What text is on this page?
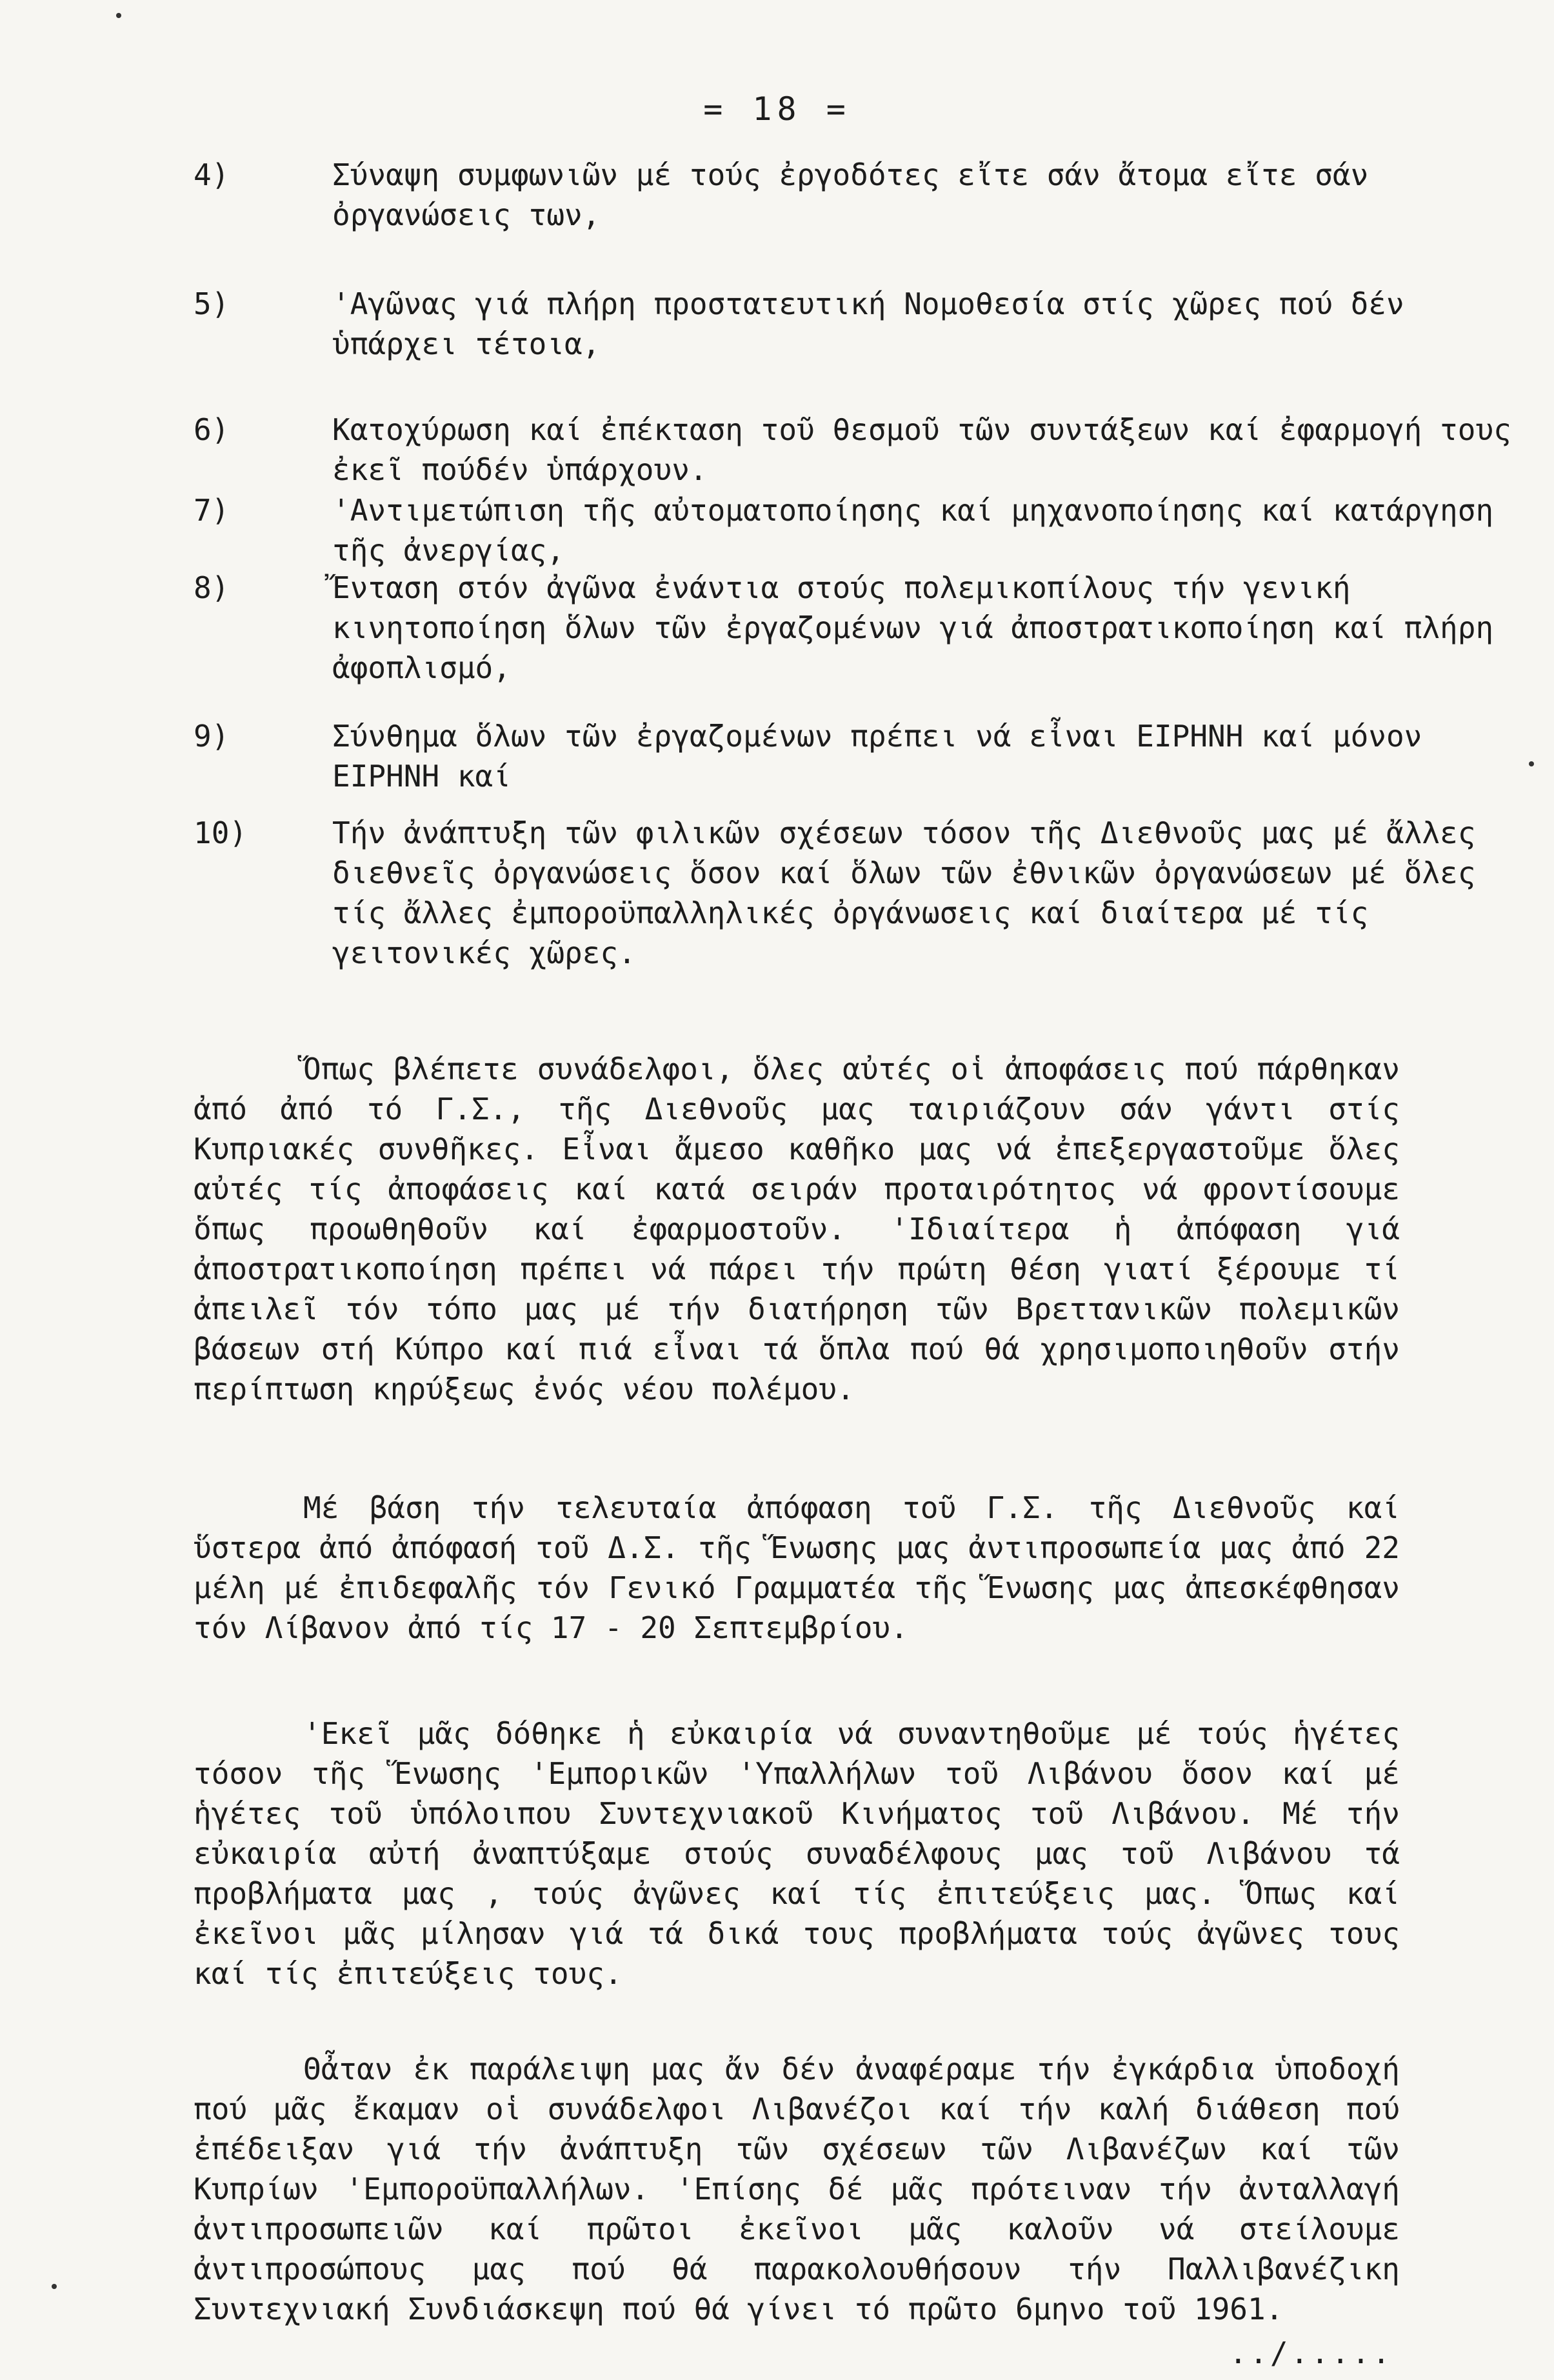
= 18 =
4)	Σύναψη συμφωνιῶν μέ τούς ἐργοδότες εἴτε σάν ἄτομα εἴτε σάν ὀργανώσεις των,
5)	'Αγῶνας γιά πλήρη προστατευτική Νομοθεσία στίς χῶρες πού δέν ὑπάρχει τέτοια,
6)	Κατοχύρωση καί ἐπέκταση τοῦ θεσμοῦ τῶν συντάξεων καί ἐφαρμογή τους ἐκεῖ πούδέν ὑπάρχουν.
7)	'Αντιμετώπιση τῆς αὐτοματοποίησης καί μηχανοποίησης καί κατάργηση τῆς ἀνεργίας,
8)	Ἔνταση στόν ἀγῶνα ἐνάντια στούς πολεμικοπίλους τήν γενική κινητοποίηση ὅλων τῶν ἐργαζομένων γιά ἀποστρατικοποίηση καί πλήρη ἀφοπλισμό,
9)	Σύνθημα ὅλων τῶν ἐργαζομένων πρέπει νά εἶναι ΕΙΡΗΝΗ καί μόνον ΕΙΡΗΝΗ καί
10)	Τήν ἀνάπτυξη τῶν φιλικῶν σχέσεων τόσον τῆς Διεθνοῦς μας μέ ἄλλες διεθνεῖς ὀργανώσεις ὅσον καί ὅλων τῶν ἐθνικῶν ὀργανώσεων μέ ὅλες τίς ἄλλες ἐμποροϋπαλληλικές ὀργάνωσεις καί διαίτερα μέ τίς γειτονικές χῶρες.

Ὅπως βλέπετε συνάδελφοι, ὅλες αὐτές οἱ ἀποφάσεις πού πάρθηκαν ἀπό ἀπό τό Γ.Σ., τῆς Διεθνοῦς μας ταιριάζουν σάν γάντι στίς Κυπριακές συνθῆκες. Εἶναι ἄμεσο καθῆκο μας νά ἐπεξεργαστοῦμε ὅλες αὐτές τίς ἀποφάσεις καί κατά σειράν προταιρότητος νά φροντίσουμε ὅπως προωθηθοῦν καί ἐφαρμοστοῦν. 'Ιδιαίτερα ἡ ἀπόφαση γιά ἀποστρατικοποίηση πρέπει νά πάρει τήν πρώτη θέση γιατί ξέρουμε τί ἀπειλεῖ τόν τόπο μας μέ τήν διατήρηση τῶν Βρεττανικῶν πολεμικῶν βάσεων στή Κύπρο καί πιά εἶναι τά ὅπλα πού θά χρησιμοποιηθοῦν στήν περίπτωση κηρύξεως ἐνός νέου πολέμου.

Μέ βάση τήν τελευταία ἀπόφαση τοῦ Γ.Σ. τῆς Διεθνοῦς καί ὕστερα ἀπό ἀπόφασή τοῦ Δ.Σ. τῆς Ἕνωσης μας ἀντιπροσωπεία μας ἀπό 22 μέλη μέ ἐπιδεφαλῆς τόν Γενικό Γραμματέα τῆς Ἕνωσης μας ἀπεσκέφθησαν τόν Λίβανον ἀπό τίς 17 - 20 Σεπτεμβρίου.

'Εκεῖ μᾶς δόθηκε ἡ εὐκαιρία νά συναντηθοῦμε μέ τούς ἡγέτες τόσον τῆς Ἕνωσης 'Εμπορικῶν 'Υπαλλήλων τοῦ Λιβάνου ὅσον καί μέ ἡγέτες τοῦ ὑπόλοιπου Συντεχνιακοῦ Κινήματος τοῦ Λιβάνου. Μέ τήν εὐκαιρία αὐτή ἀναπτύξαμε στούς συναδέλφους μας τοῦ Λιβάνου τά προβλήματα μας , τούς ἀγῶνες καί τίς ἐπιτεύξεις μας. Ὅπως καί ἐκεῖνοι μᾶς μίλησαν γιά τά δικά τους προβλήματα τούς ἀγῶνες τους καί τίς ἐπιτεύξεις τους.

Θἆταν ἐκ παράλειψη μας ἄν δέν ἀναφέραμε τήν ἐγκάρδια ὑποδοχή πού μᾶς ἔκαμαν οἱ συνάδελφοι Λιβανέζοι καί τήν καλή διάθεση πού ἐπέδειξαν γιά τήν ἀνάπτυξη τῶν σχέσεων τῶν Λιβανέζων καί τῶν Κυπρίων 'Εμποροϋπαλλήλων. 'Επίσης δέ μᾶς πρότειναν τήν ἀνταλλαγή ἀντιπροσωπειῶν καί πρῶτοι ἐκεῖνοι μᾶς καλοῦν νά στείλουμε ἀντιπροσώπους μας πού θά παρακολουθήσουν τήν Παλλιβανέζικη Συντεχνιακή Συνδιάσκεψη πού θά γίνει τό πρῶτο 6μηνο τοῦ 1961.

../.....
